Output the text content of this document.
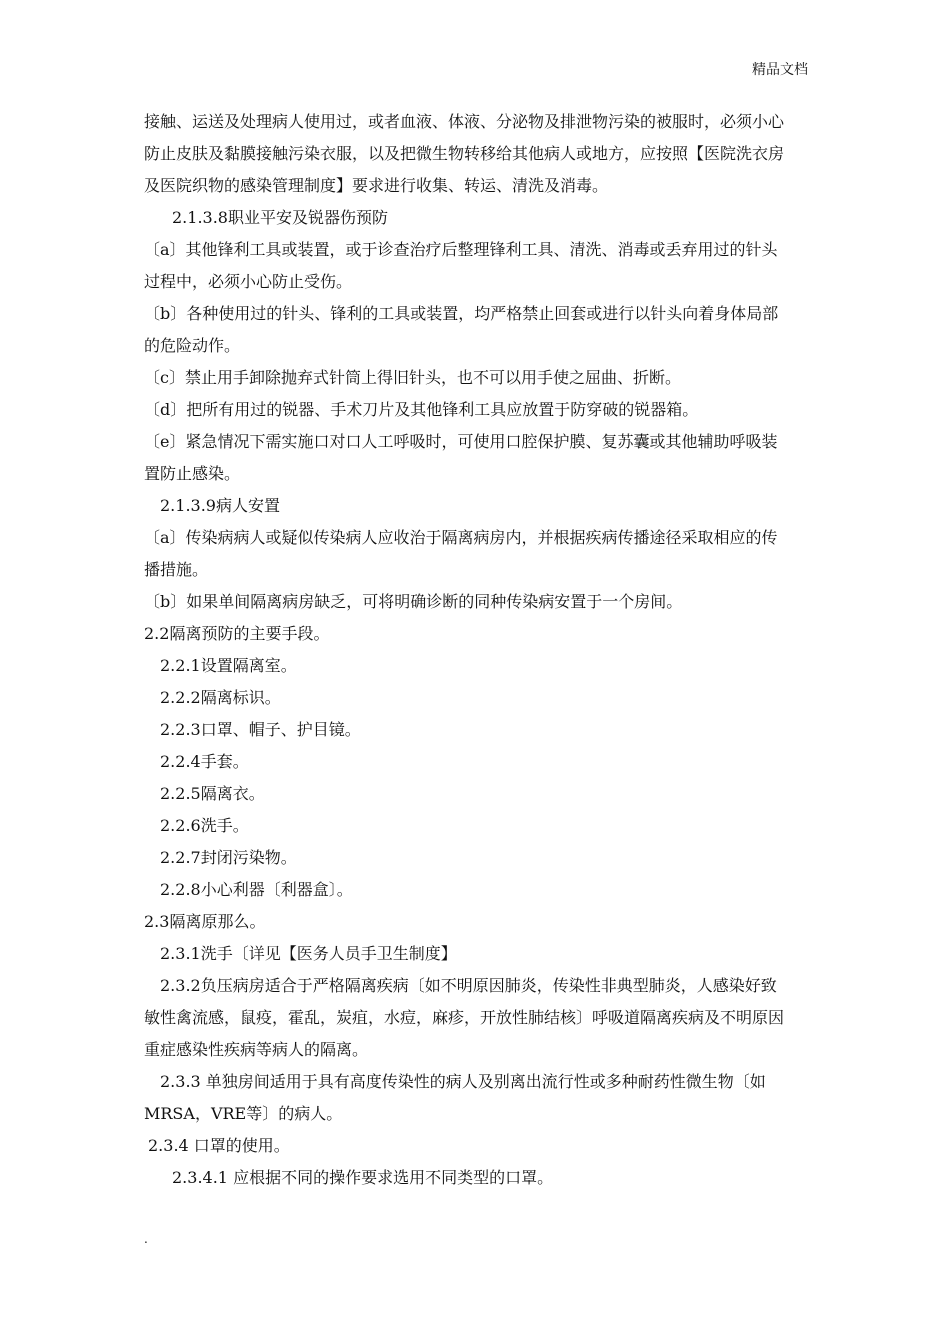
精品文档
接触、运送及处理病人使用过，或者血液、体液、分泌物及排泄物污染的被服时，必须小心
防止皮肤及黏膜接触污染衣服，以及把微生物转移给其他病人或地方，应按照【医院洗衣房
及医院织物的感染管理制度】要求进行收集、转运、清洗及消毒。
2.1.3.8职业平安及锐器伤预防
〔a〕其他锋利工具或装置，或于诊查治疗后整理锋利工具、清洗、消毒或丢弃用过的针头
过程中，必须小心防止受伤。
〔b〕各种使用过的针头、锋利的工具或装置，均严格禁止回套或进行以针头向着身体局部
的危险动作。
〔c〕禁止用手卸除抛弃式针筒上得旧针头，也不可以用手使之屈曲、折断。
〔d〕把所有用过的锐器、手术刀片及其他锋利工具应放置于防穿破的锐器箱。
〔e〕紧急情况下需实施口对口人工呼吸时，可使用口腔保护膜、复苏囊或其他辅助呼吸装
置防止感染。
2.1.3.9病人安置
〔a〕传染病病人或疑似传染病人应收治于隔离病房内，并根据疾病传播途径采取相应的传
播措施。
〔b〕如果单间隔离病房缺乏，可将明确诊断的同种传染病安置于一个房间。
2.2隔离预防的主要手段。
2.2.1设置隔离室。
2.2.2隔离标识。
2.2.3口罩、帽子、护目镜。
2.2.4手套。
2.2.5隔离衣。
2.2.6洗手。
2.2.7封闭污染物。
2.2.8小心利器〔利器盒〕。
2.3隔离原那么。
2.3.1洗手〔详见【医务人员手卫生制度】
2.3.2负压病房适合于严格隔离疾病〔如不明原因肺炎，传染性非典型肺炎，人感染好致
敏性禽流感，鼠疫，霍乱，炭疽，水痘，麻疹，开放性肺结核〕呼吸道隔离疾病及不明原因
重症感染性疾病等病人的隔离。
2.3.3 单独房间适用于具有高度传染性的病人及别离出流行性或多种耐药性微生物〔如
MRSA，VRE等〕的病人。
2.3.4 口罩的使用。
2.3.4.1 应根据不同的操作要求选用不同类型的口罩。
.
